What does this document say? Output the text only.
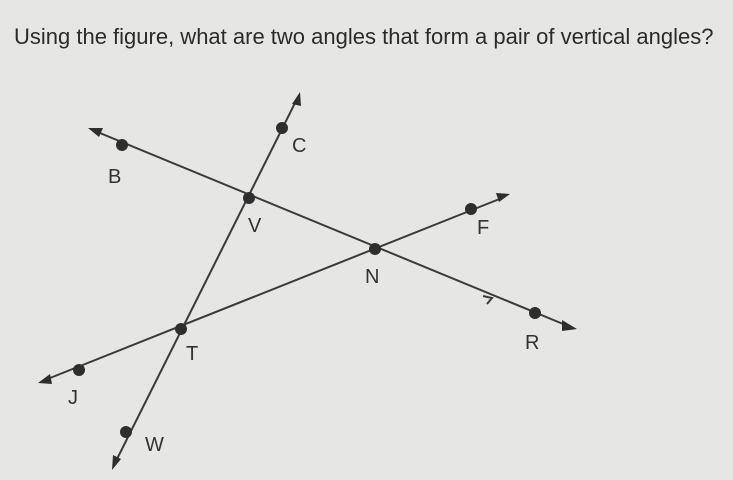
Using the figure, what are two angles that form a pair of vertical angles?
B
C
V	F
N
R
T
J
W
